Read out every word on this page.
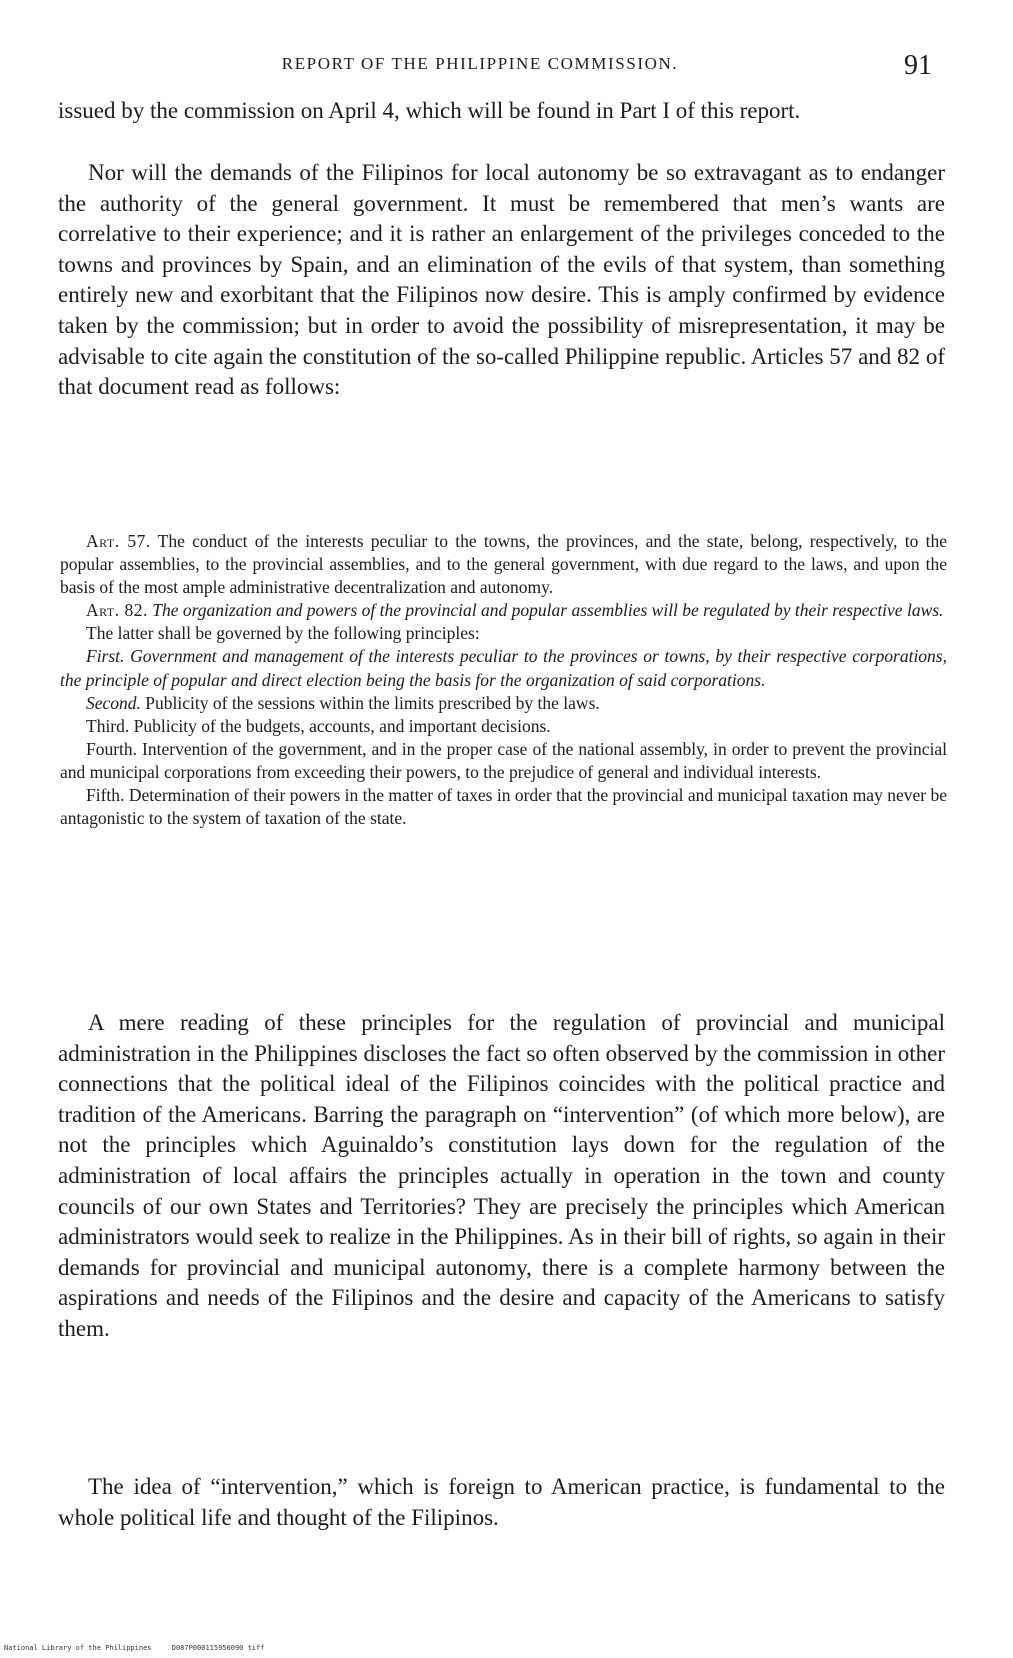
REPORT OF THE PHILIPPINE COMMISSION.	91

issued by the commission on April 4, which will be found in Part I of this report.

Nor will the demands of the Filipinos for local autonomy be so extravagant as to endanger the authority of the general government. It must be remembered that men’s wants are correlative to their experience; and it is rather an enlargement of the privileges conceded to the towns and provinces by Spain, and an elimination of the evils of that system, than something entirely new and exorbitant that the Filipinos now desire. This is amply confirmed by evidence taken by the commission; but in order to avoid the possibility of misrepresentation, it may be advisable to cite again the constitution of the so-called Philippine republic. Articles 57 and 82 of that document read as follows:

Art. 57. The conduct of the interests peculiar to the towns, the provinces, and the state, belong, respectively, to the popular assemblies, to the provincial assemblies, and to the general government, with due regard to the laws, and upon the basis of the most ample administrative decentralization and autonomy.

Art. 82. The organization and powers of the provincial and popular assemblies will be regulated by their respective laws.

The latter shall be governed by the following principles:

First. Government and management of the interests peculiar to the provinces or towns, by their respective corporations, the principle of popular and direct election being the basis for the organization of said corporations.

Second. Publicity of the sessions within the limits prescribed by the laws.

Third. Publicity of the budgets, accounts, and important decisions.

Fourth. Intervention of the government, and in the proper case of the national assembly, in order to prevent the provincial and municipal corporations from exceeding their powers, to the prejudice of general and individual interests.

Fifth. Determination of their powers in the matter of taxes in order that the provincial and municipal taxation may never be antagonistic to the system of taxation of the state.

A mere reading of these principles for the regulation of provincial and municipal administration in the Philippines discloses the fact so often observed by the commission in other connections that the political ideal of the Filipinos coincides with the political practice and tradition of the Americans. Barring the paragraph on “intervention” (of which more below), are not the principles which Aguinaldo’s constitution lays down for the regulation of the administration of local affairs the principles actually in operation in the town and county councils of our own States and Territories? They are precisely the principles which American administrators would seek to realize in the Philippines. As in their bill of rights, so again in their demands for provincial and municipal autonomy, there is a complete harmony between the aspirations and needs of the Filipinos and the desire and capacity of the Americans to satisfy them.

The idea of “intervention,” which is foreign to American practice, is fundamental to the whole political life and thought of the Filipinos.

National Library of the Philippines	D087P000115950090 tiff
